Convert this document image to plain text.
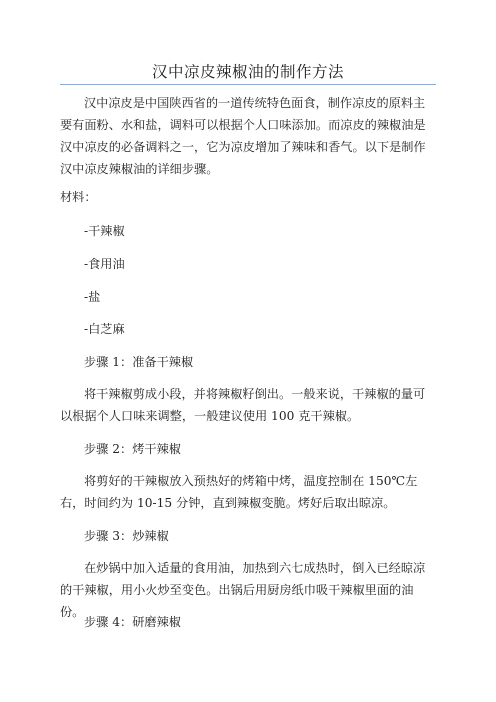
汉中凉皮辣椒油的制作方法

汉中凉皮是中国陕西省的一道传统特色面食，制作凉皮的原料主要有面粉、水和盐，调料可以根据个人口味添加。而凉皮的辣椒油是汉中凉皮的必备调料之一，它为凉皮增加了辣味和香气。以下是制作汉中凉皮辣椒油的详细步骤。

材料：
-干辣椒
-食用油
-盐
-白芝麻
步骤 1：准备干辣椒

将干辣椒剪成小段，并将辣椒籽倒出。一般来说，干辣椒的量可以根据个人口味来调整，一般建议使用 100 克干辣椒。

步骤 2：烤干辣椒

将剪好的干辣椒放入预热好的烤箱中烤，温度控制在 150℃左右，时间约为 10-15 分钟，直到辣椒变脆。烤好后取出晾凉。

步骤 3：炒辣椒

在炒锅中加入适量的食用油，加热到六七成热时，倒入已经晾凉的干辣椒，用小火炒至变色。出锅后用厨房纸巾吸干辣椒里面的油份。

步骤 4：研磨辣椒
